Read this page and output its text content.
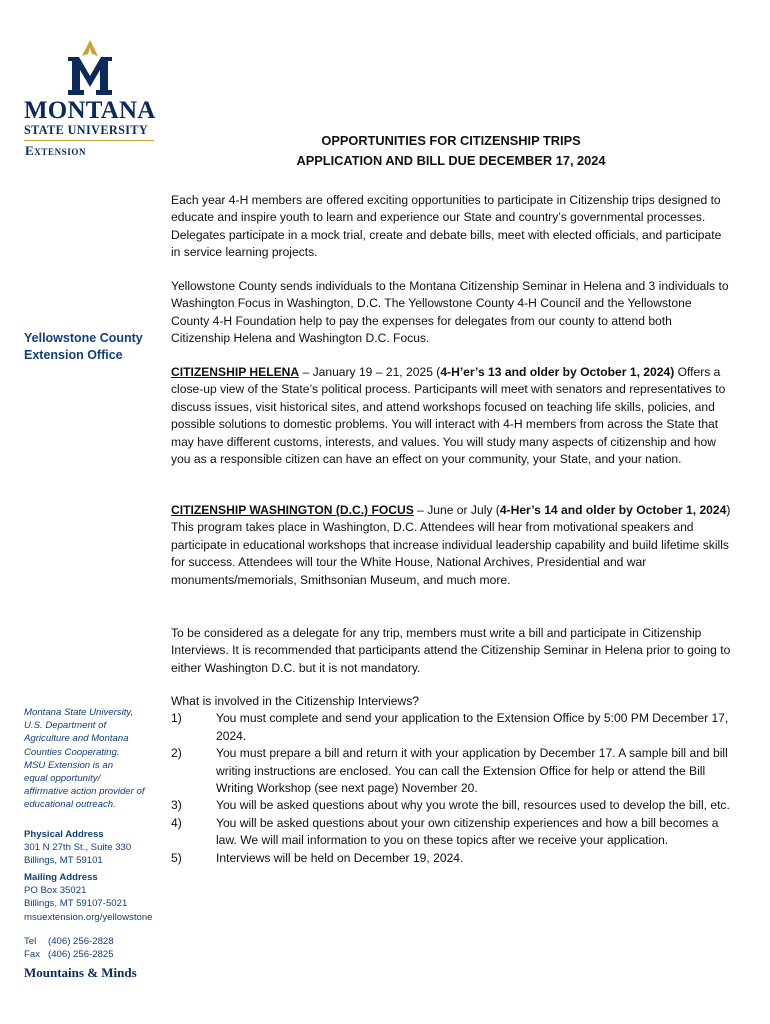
MONTANA
STATE UNIVERSITY
Extension
Yellowstone County
Extension Office
Montana State University,
U.S. Department of
Agriculture and Montana
Counties Cooperating.
MSU Extension is an
equal opportunity/
affirmative action provider of
educational outreach.
Physical Address
301 N 27th St., Suite 330
Billings, MT 59101
Mailing Address
PO Box 35021
Billings, MT 59107-5021
msuextension.org/yellowstone
Tel (406) 256-2828
Fax (406) 256-2825
Mountains & Minds
OPPORTUNITIES FOR CITIZENSHIP TRIPS
APPLICATION AND BILL DUE DECEMBER 17, 2024

Each year 4-H members are offered exciting opportunities to participate in Citizenship trips designed to educate and inspire youth to learn and experience our State and country’s governmental processes. Delegates participate in a mock trial, create and debate bills, meet with elected officials, and participate in service learning projects.

Yellowstone County sends individuals to the Montana Citizenship Seminar in Helena and 3 individuals to Washington Focus in Washington, D.C. The Yellowstone County 4-H Council and the Yellowstone County 4-H Foundation help to pay the expenses for delegates from our county to attend both Citizenship Helena and Washington D.C. Focus.

CITIZENSHIP HELENA – January 19 – 21, 2025 (4-H’er’s 13 and older by October 1, 2024) Offers a close-up view of the State’s political process. Participants will meet with senators and representatives to discuss issues, visit historical sites, and attend workshops focused on teaching life skills, policies, and possible solutions to domestic problems. You will interact with 4-H members from across the State that may have different customs, interests, and values. You will study many aspects of citizenship and how you as a responsible citizen can have an effect on your community, your State, and your nation.

CITIZENSHIP WASHINGTON (D.C.) FOCUS – June or July (4-Her’s 14 and older by October 1, 2024) This program takes place in Washington, D.C. Attendees will hear from motivational speakers and participate in educational workshops that increase individual leadership capability and build lifetime skills for success. Attendees will tour the White House, National Archives, Presidential and war monuments/memorials, Smithsonian Museum, and much more.

To be considered as a delegate for any trip, members must write a bill and participate in Citizenship Interviews. It is recommended that participants attend the Citizenship Seminar in Helena prior to going to either Washington D.C. but it is not mandatory.

What is involved in the Citizenship Interviews?
1)	You must complete and send your application to the Extension Office by 5:00 PM December 17, 2024.
2)	You must prepare a bill and return it with your application by December 17. A sample bill and bill writing instructions are enclosed. You can call the Extension Office for help or attend the Bill Writing Workshop (see next page) November 20.
3)	You will be asked questions about why you wrote the bill, resources used to develop the bill, etc.
4)	You will be asked questions about your own citizenship experiences and how a bill becomes a law. We will mail information to you on these topics after we receive your application.
5)	Interviews will be held on December 19, 2024.
